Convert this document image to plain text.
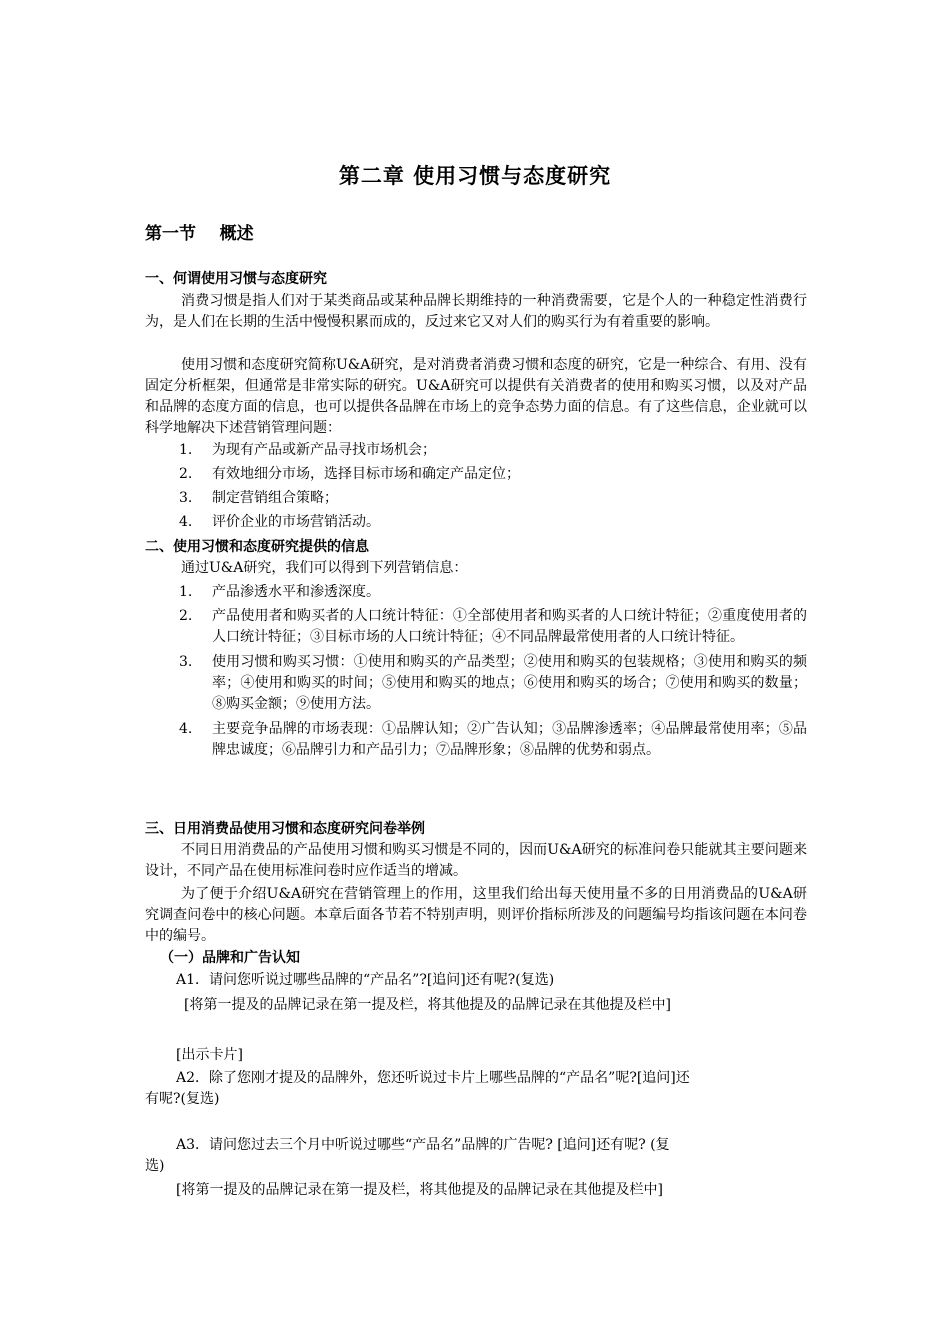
第二章 使用习惯与态度研究
第一节    概述
一、何谓使用习惯与态度研究
消费习惯是指人们对于某类商品或某种品牌长期维持的一种消费需要，它是个人的一种稳定性消费行为，是人们在长期的生活中慢慢积累而成的，反过来它又对人们的购买行为有着重要的影响。
使用习惯和态度研究简称U&A研究，是对消费者消费习惯和态度的研究，它是一种综合、有用、没有固定分析框架，但通常是非常实际的研究。U&A研究可以提供有关消费者的使用和购买习惯，以及对产品和品牌的态度方面的信息，也可以提供各品牌在市场上的竞争态势力面的信息。有了这些信息，企业就可以科学地解决下述营销管理问题：
1. 为现有产品或新产品寻找市场机会；
2. 有效地细分市场，选择目标市场和确定产品定位；
3. 制定营销组合策略；
4. 评价企业的市场营销活动。
二、使用习惯和态度研究提供的信息
通过U&A研究，我们可以得到下列营销信息：
1. 产品渗透水平和渗透深度。
2. 产品使用者和购买者的人口统计特征：①全部使用者和购买者的人口统计特征；②重度使用者的人口统计特征；③目标市场的人口统计特征；④不同品牌最常使用者的人口统计特征。
3. 使用习惯和购买习惯：①使用和购买的产品类型；②使用和购买的包装规格；③使用和购买的频率；④使用和购买的时间；⑤使用和购买的地点；⑥使用和购买的场合；⑦使用和购买的数量；⑧购买金额；⑨使用方法。
4. 主要竞争品牌的市场表现：①品牌认知；②广告认知；③品牌渗透率；④品牌最常使用率；⑤品牌忠诚度；⑥品牌引力和产品引力；⑦品牌形象；⑧品牌的优势和弱点。
三、日用消费品使用习惯和态度研究问卷举例
不同日用消费品的产品使用习惯和购买习惯是不同的，因而U&A研究的标准问卷只能就其主要问题来设计，不同产品在使用标准问卷时应作适当的增减。
为了便于介绍U&A研究在营销管理上的作用，这里我们给出每天使用量不多的日用消费品的U&A研究调查问卷中的核心问题。本章后面各节若不特别声明，则评价指标所涉及的问题编号均指该问题在本问卷中的编号。
（一）品牌和广告认知
A1．请问您听说过哪些品牌的“产品名”?[追问]还有呢?(复选)
[将第一提及的品牌记录在第一提及栏，将其他提及的品牌记录在其他提及栏中]
[出示卡片]
A2．除了您刚才提及的品牌外，您还听说过卡片上哪些品牌的“产品名”呢?[追问]还
有呢?(复选)
A3．请问您过去三个月中听说过哪些“产品名”品牌的广告呢? [追问]还有呢? (复
选)
[将第一提及的品牌记录在第一提及栏，将其他提及的品牌记录在其他提及栏中]
